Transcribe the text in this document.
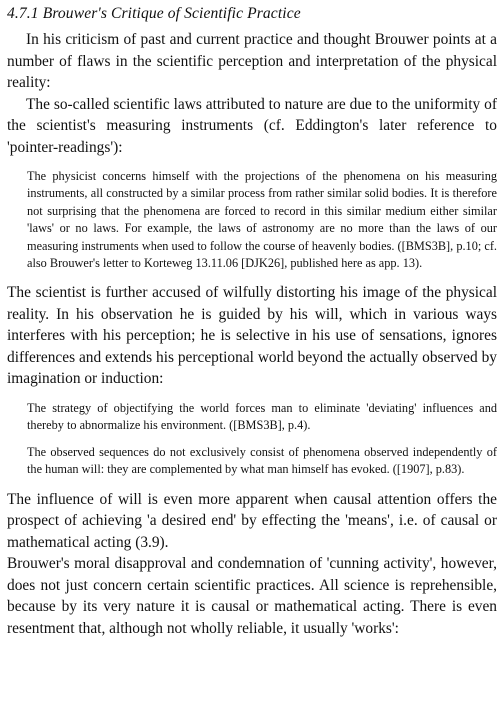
4.7.1 Brouwer's Critique of Scientific Practice

In his criticism of past and current practice and thought Brouwer points at a number of flaws in the scientific perception and interpretation of the physical reality:

The so-called scientific laws attributed to nature are due to the uniformity of the scientist's measuring instruments (cf. Eddington's later reference to 'pointer-readings'):

The physicist concerns himself with the projections of the phenomena on his measuring instruments, all constructed by a similar process from rather similar solid bodies. It is therefore not surprising that the phenomena are forced to record in this similar medium either similar 'laws' or no laws. For example, the laws of astronomy are no more than the laws of our measuring instruments when used to follow the course of heavenly bodies. ([BMS3B], p.10; cf. also Brouwer's letter to Korteweg 13.11.06 [DJK26], published here as app. 13).

The scientist is further accused of wilfully distorting his image of the physical reality. In his observation he is guided by his will, which in various ways interferes with his perception; he is selective in his use of sensations, ignores differences and extends his perceptional world beyond the actually observed by imagination or induction:

The strategy of objectifying the world forces man to eliminate 'deviating' influences and thereby to abnormalize his environment. ([BMS3B], p.4).

The observed sequences do not exclusively consist of phenomena observed independently of the human will: they are complemented by what man himself has evoked. ([1907], p.83).

The influence of will is even more apparent when causal attention offers the prospect of achieving 'a desired end' by effecting the 'means', i.e. of causal or mathematical acting (3.9).

Brouwer's moral disapproval and condemnation of 'cunning activity', however, does not just concern certain scientific practices. All science is reprehensible, because by its very nature it is causal or mathematical acting. There is even resentment that, although not wholly reliable, it usually 'works':
